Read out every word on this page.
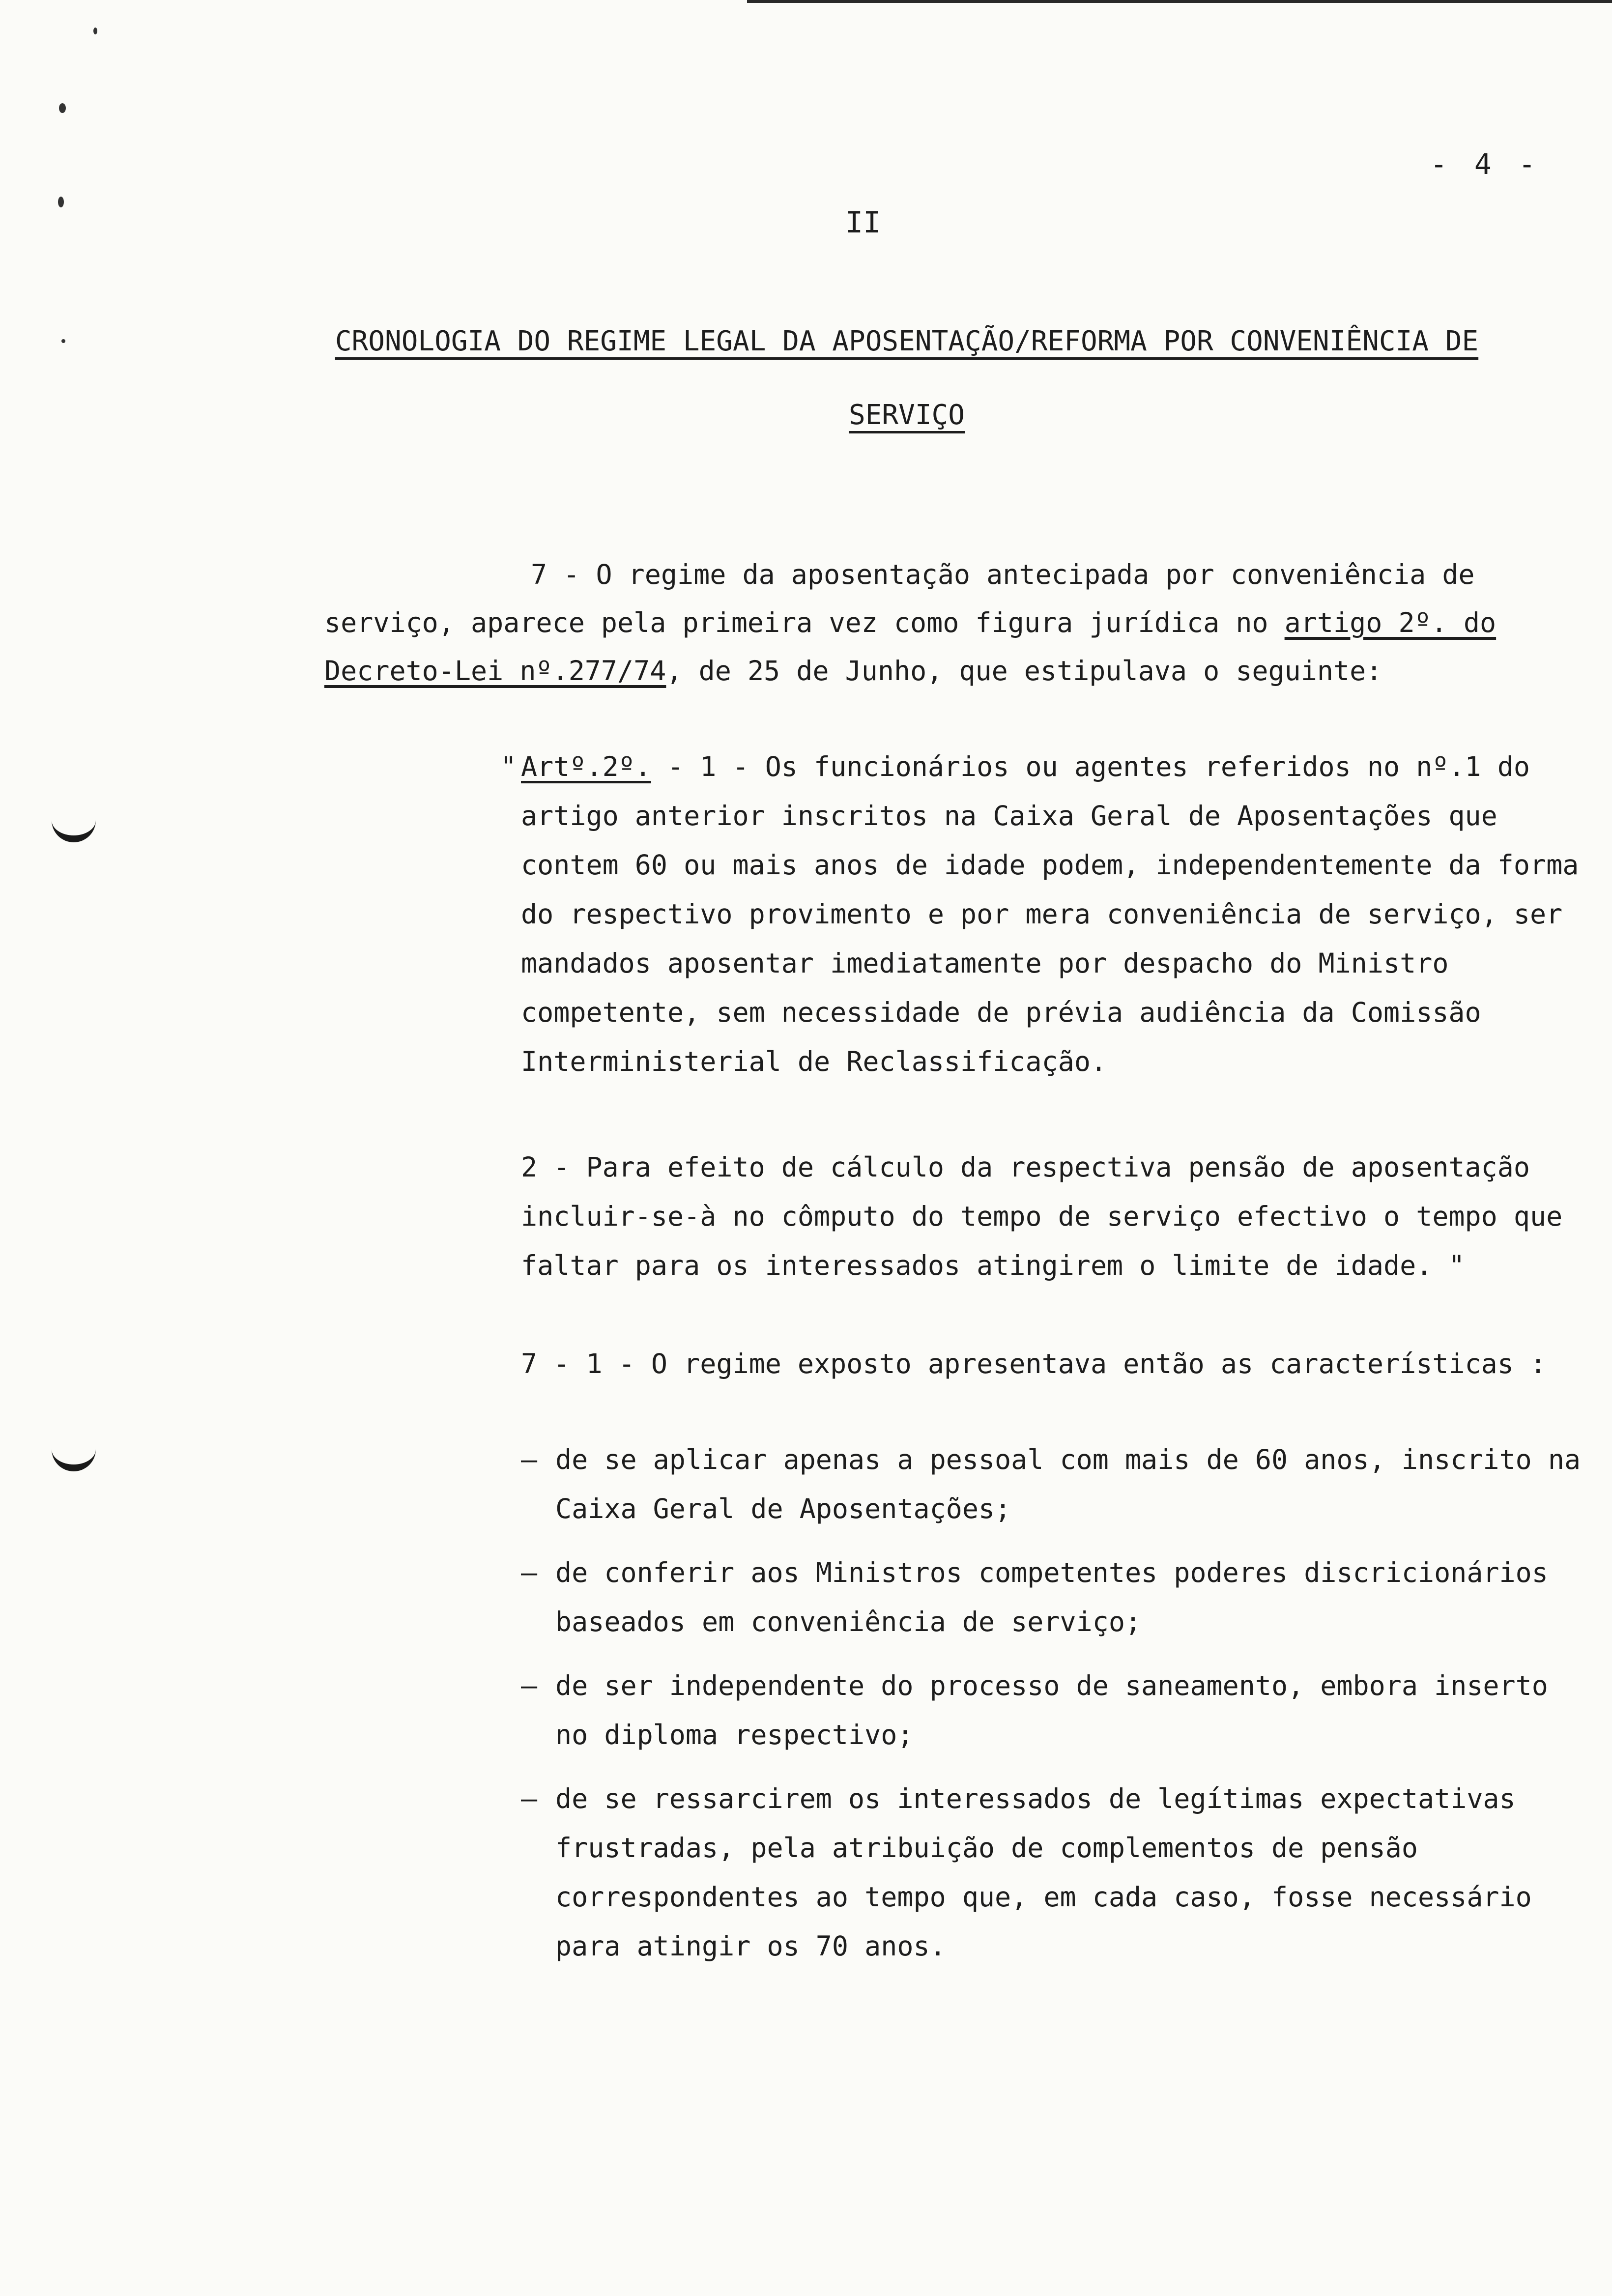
- 4 -
II
CRONOLOGIA DO REGIME LEGAL DA APOSENTAÇÃO/REFORMA POR CONVENIÊNCIA DE
SERVIÇO

7 - O regime da aposentação antecipada por conveniência de serviço, aparece pela primeira vez como figura jurídica no artigo 2º. do Decreto-Lei nº.277/74, de 25 de Junho, que estipulava o seguinte:

" Artº.2º. - 1 - Os funcionários ou agentes referidos no nº.1 do artigo anterior inscritos na Caixa Geral de Aposentações que contem 60 ou mais anos de idade podem, independentemente da forma do respectivo provimento e por mera conveniência de serviço, ser mandados aposentar imediatamente por despacho do Ministro competente, sem necessidade de prévia audiência da Comissão Interministerial de Reclassificação.

2 - Para efeito de cálculo da respectiva pensão de aposentação incluir-se-à no cômputo do tempo de serviço efectivo o tempo que faltar para os interessados atingirem o limite de idade. "

7 - 1 - O regime exposto apresentava então as características :

– de se aplicar apenas a pessoal com mais de 60 anos, inscrito na Caixa Geral de Aposentações;
– de conferir aos Ministros competentes poderes discricionários baseados em conveniência de serviço;
– de ser independente do processo de saneamento, embora inserto no diploma respectivo;
– de se ressarcirem os interessados de legítimas expectativas frustradas, pela atribuição de complementos de pensão correspondentes ao tempo que, em cada caso, fosse necessário para atingir os 70 anos.
